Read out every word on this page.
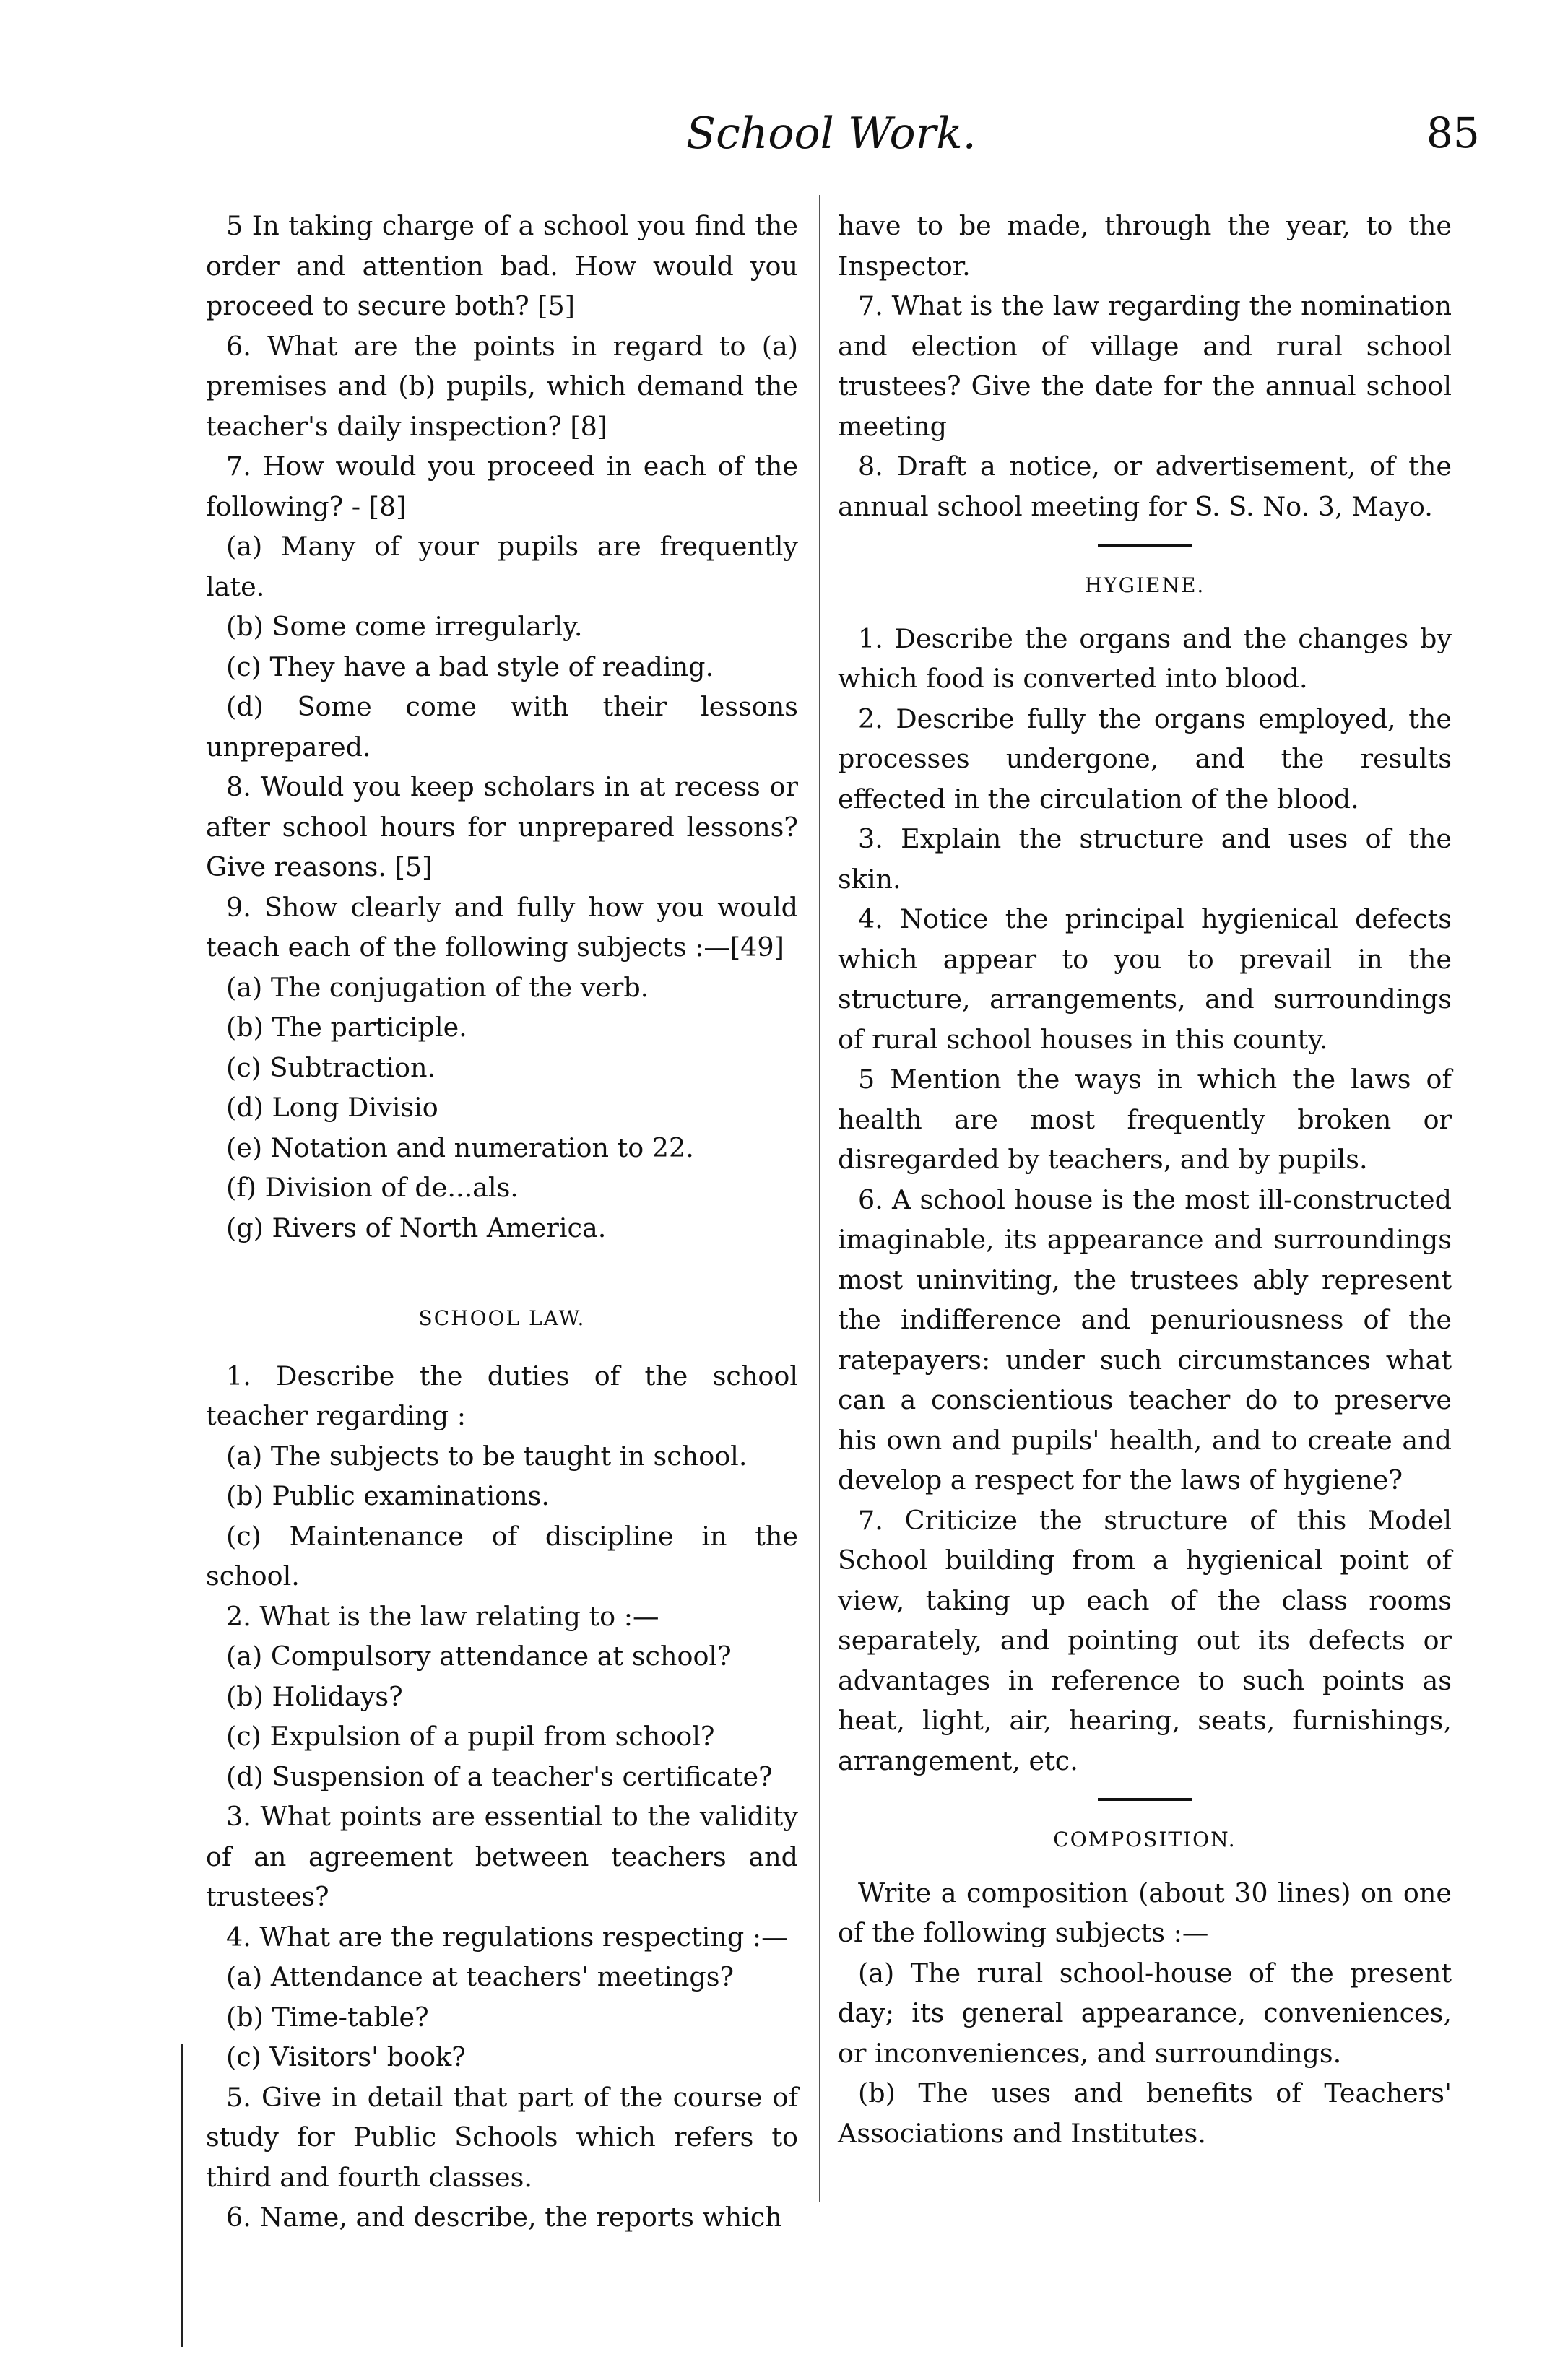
School Work.	85

5 In taking charge of a school you find the order and attention bad. How would you proceed to secure both? [5]

6. What are the points in regard to (a) premises and (b) pupils, which demand the teacher's daily inspection? [8]

7. How would you proceed in each of the following? - [8]

(a) Many of your pupils are frequently late.

(b) Some come irregularly.

(c) They have a bad style of reading.

(d) Some come with their lessons unprepared.

8. Would you keep scholars in at recess or after school hours for unprepared lessons? Give reasons. [5]

9. Show clearly and fully how you would teach each of the following subjects :—[49]

(a) The conjugation of the verb.

(b) The participle.

(c) Subtraction.

(d) Long Divisio

(e) Notation and numeration to 22.

(f) Division of de...als.

(g) Rivers of North America.

SCHOOL LAW.

1. Describe the duties of the school teacher regarding :

(a) The subjects to be taught in school.

(b) Public examinations.

(c) Maintenance of discipline in the school.

2. What is the law relating to :—

(a) Compulsory attendance at school?

(b) Holidays?

(c) Expulsion of a pupil from school?

(d) Suspension of a teacher's certificate?

3. What points are essential to the validity of an agreement between teachers and trustees?

4. What are the regulations respecting :—

(a) Attendance at teachers' meetings?

(b) Time-table?

(c) Visitors' book?

5. Give in detail that part of the course of study for Public Schools which refers to third and fourth classes.

6. Name, and describe, the reports which

have to be made, through the year, to the Inspector.

7. What is the law regarding the nomination and election of village and rural school trustees? Give the date for the annual school meeting

8. Draft a notice, or advertisement, of the annual school meeting for S. S. No. 3, Mayo.

HYGIENE.

1. Describe the organs and the changes by which food is converted into blood.

2. Describe fully the organs employed, the processes undergone, and the results effected in the circulation of the blood.

3. Explain the structure and uses of the skin.

4. Notice the principal hygienical defects which appear to you to prevail in the structure, arrangements, and surroundings of rural school houses in this county.

5 Mention the ways in which the laws of health are most frequently broken or disregarded by teachers, and by pupils.

6. A school house is the most ill-constructed imaginable, its appearance and surroundings most uninviting, the trustees ably represent the indifference and penuriousness of the ratepayers: under such circumstances what can a conscientious teacher do to preserve his own and pupils' health, and to create and develop a respect for the laws of hygiene?

7. Criticize the structure of this Model School building from a hygienical point of view, taking up each of the class rooms separately, and pointing out its defects or advantages in reference to such points as heat, light, air, hearing, seats, furnishings, arrangement, etc.

COMPOSITION.

Write a composition (about 30 lines) on one of the following subjects :—

(a) The rural school-house of the present day; its general appearance, conveniences, or inconveniences, and surroundings.

(b) The uses and benefits of Teachers' Associations and Institutes.
